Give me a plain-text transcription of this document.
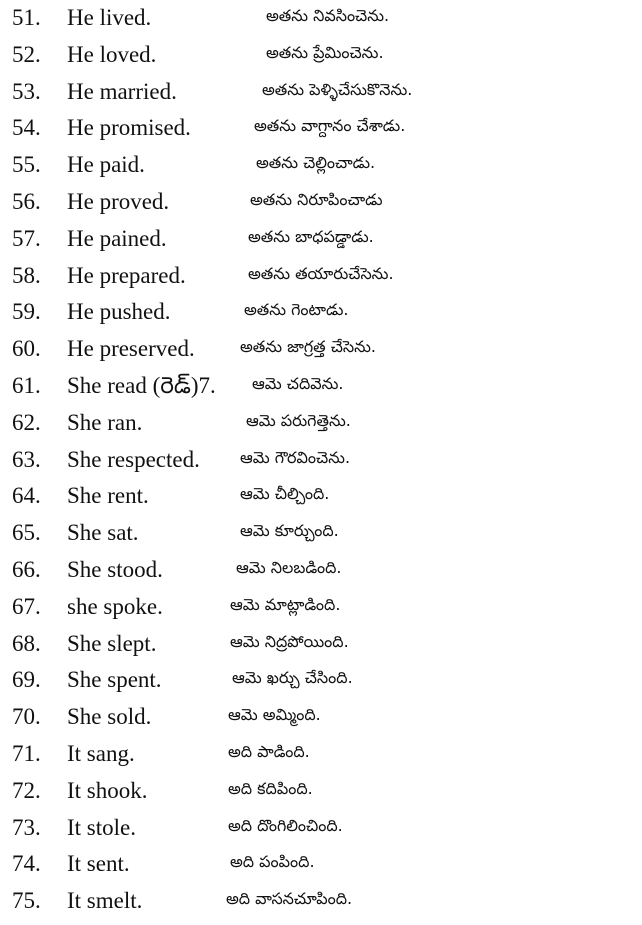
51. He lived.	అతను నివసించెను.
52. He loved.	అతను ప్రేమించెను.
53. He married.	అతను పెళ్ళిచేసుకొనెను.
54. He promised.	అతను వాగ్దానం చేశాడు.
55. He paid.	అతను చెల్లించాడు.
56. He proved.	అతను నిరూపించాడు
57. He pained.	అతను బాధపడ్డాడు.
58. He prepared.	అతను తయారుచేసెను.
59. He pushed.	అతను గెంటాడు.
60. He preserved.	అతను జాగ్రత్త చేసెను.
61. She read (రెడ్)7. ఆమె చదివెను.
62. She ran.	ఆమె పరుగెత్తెను.
63. She respected.	ఆమె గౌరవించెను.
64. She rent.	ఆమె చీల్చింది.
65. She sat.	ఆమె కూర్చుంది.
66. She stood.	ఆమె నిలబడింది.
67. she spoke.	ఆమె మాట్లాడింది.
68. She slept.	ఆమె నిద్రపోయింది.
69. She spent.	ఆమె ఖర్చు చేసింది.
70. She sold.	ఆమె అమ్మింది.
71. It sang.	అది పాడింది.
72. It shook.	అది కదిపింది.
73. It stole.	అది దొంగిలించింది.
74. It sent.	అది పంపింది.
75. It smelt.	అది వాసనచూపింది.
